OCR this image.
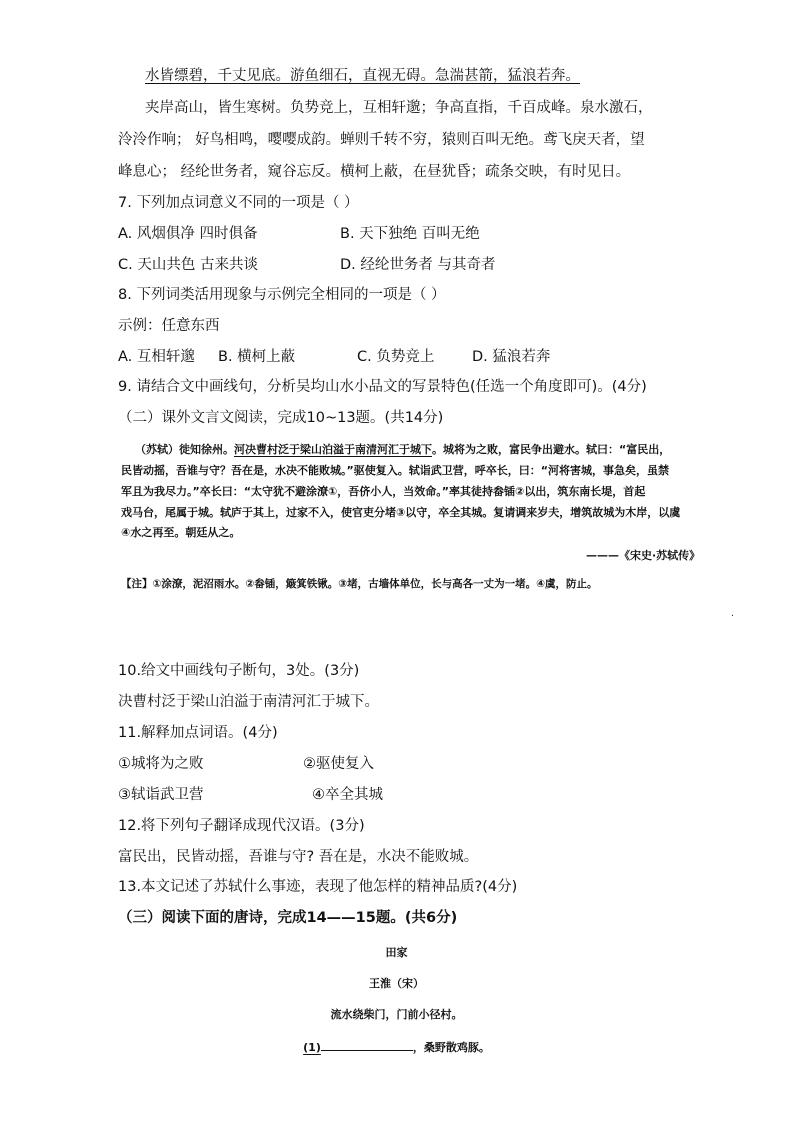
水皆缥碧，千丈见底。游鱼细石，直视无碍。急湍甚箭，猛浪若奔。
夹岸高山，皆生寒树。负势竞上，互相轩邈；争高直指，千百成峰。泉水激石，
泠泠作响； 好鸟相鸣，嘤嘤成韵。蝉则千转不穷，猿则百叫无绝。鸢飞戾天者，望
峰息心； 经纶世务者，窥谷忘反。横柯上蔽，在昼犹昏；疏条交映，有时见日。
7. 下列加点词意义不同的一项是（ ）
A. 风烟俱净 四时俱备	B. 天下独绝 百叫无绝
C. 天山共色 古来共谈	D. 经纶世务者 与其奇者
8. 下列词类活用现象与示例完全相同的一项是（ ）
示例：任意东西
A. 互相轩邈 B. 横柯上蔽	C. 负势竞上	D. 猛浪若奔
9. 请结合文中画线句，分析吴均山水小品文的写景特色(任选一个角度即可)。(4分)
（二）课外文言文阅读，完成10~13题。(共14分)
（苏轼）徙知徐州。河决曹村泛于梁山泊溢于南清河汇于城下。城将为之败，富民争出避水。轼曰：“富民出，
民皆动摇，吾谁与守？吾在是，水决不能败城。”驱使复入。轼诣武卫营，呼卒长，曰：“河将害城，事急矣，虽禁
军且为我尽力。”卒长曰：“太守犹不避涂潦①，吾侪小人，当效命。”率其徒持畚锸②以出，筑东南长堤，首起
戏马台，尾属于城。轼庐于其上，过家不入，使官吏分堵③以守，卒全其城。复请调来岁夫，增筑故城为木岸，以虞
④水之再至。朝廷从之。
———《宋史·苏轼传》
【注】①涂潦，泥沼雨水。②畚锸，簸箕铁锹。③堵，古墙体单位，长与高各一丈为一堵。④虞，防止。
.
10.给文中画线句子断句，3处。(3分)
决曹村泛于梁山泊溢于南清河汇于城下。
11.解释加点词语。(4分)
①城将为之败	②驱使复入
③轼诣武卫营	④卒全其城
12.将下列句子翻译成现代汉语。(3分)
富民出，民皆动摇，吾谁与守? 吾在是，水决不能败城。
13.本文记述了苏轼什么事迹，表现了他怎样的精神品质?(4分)
（三）阅读下面的唐诗，完成14——15题。(共6分)
田家
王淮（宋）
流水绕柴门，门前小径村。
(1)	，桑野散鸡豚。
